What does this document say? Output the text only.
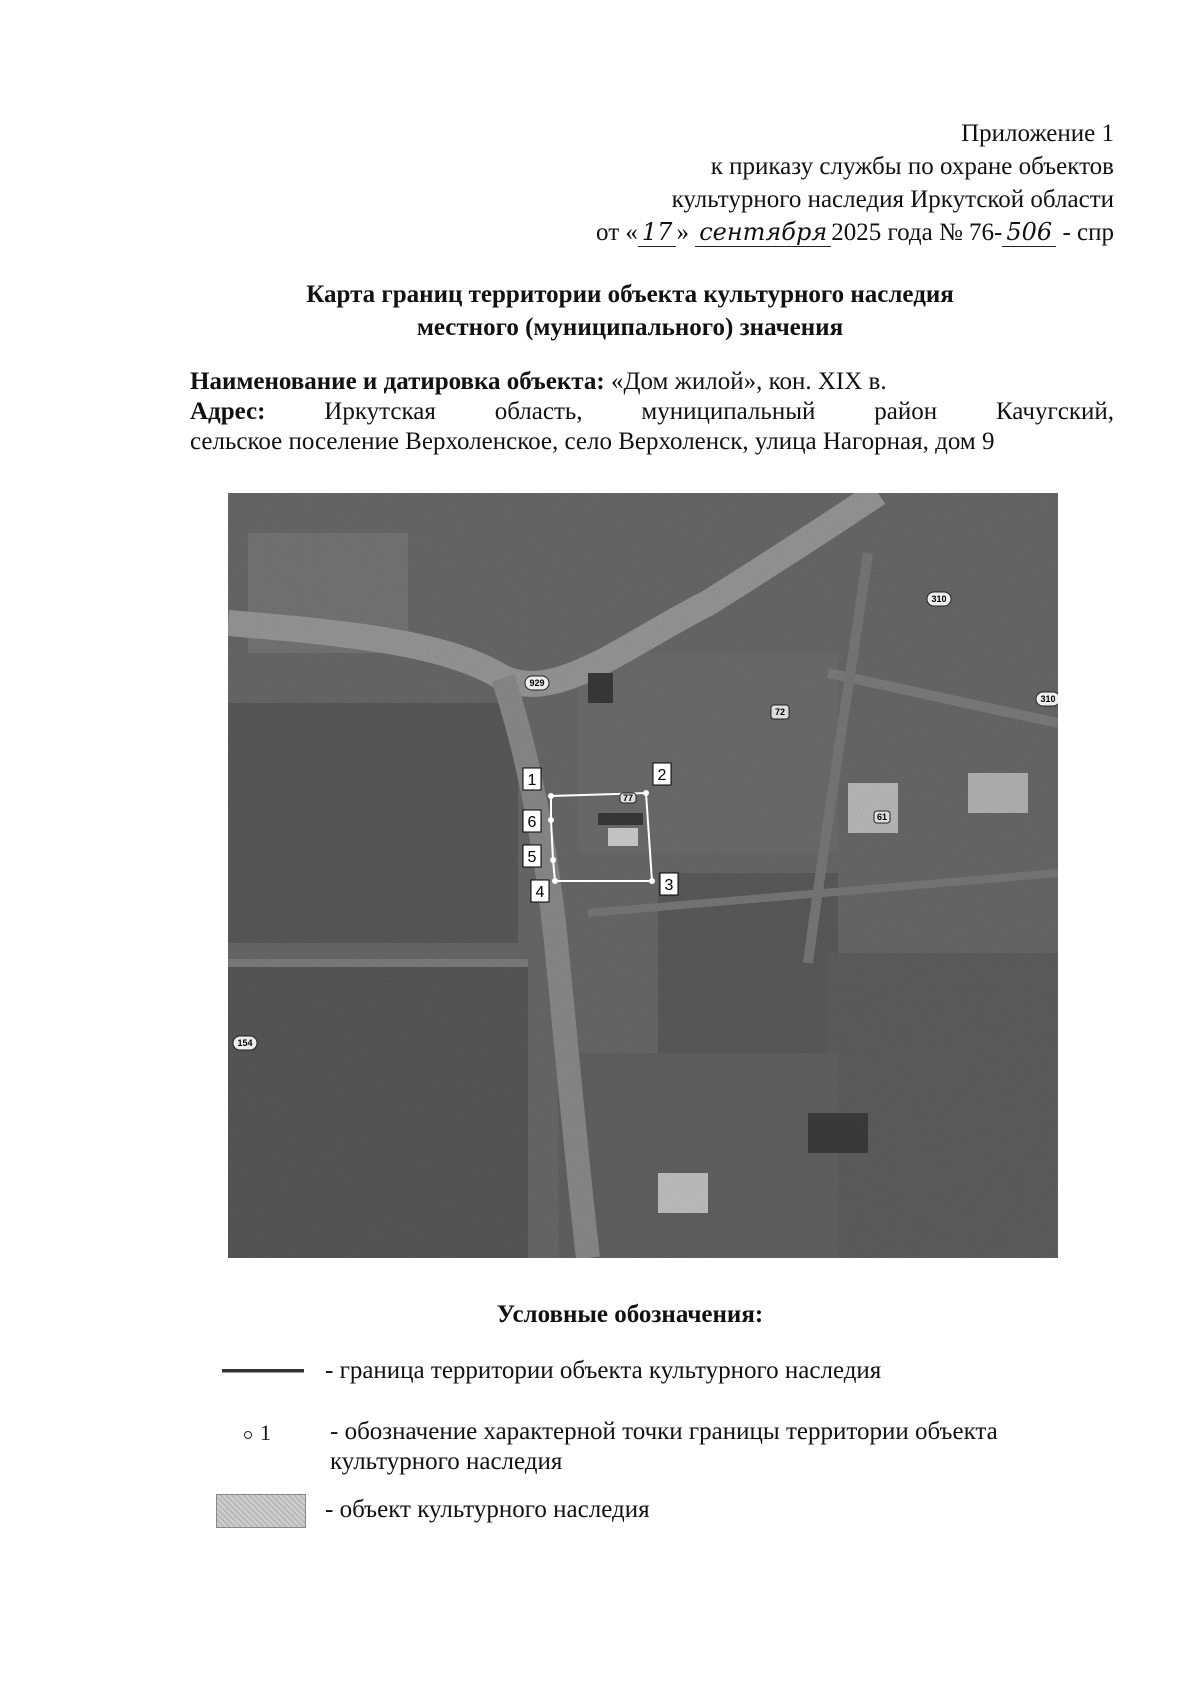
Приложение 1
к приказу службы по охране объектов
культурного наследия Иркутской области
от « 17 » сентября 2025 года № 76- 506 - спр
Карта границ территории объекта культурного наследия
местного (муниципального) значения
Наименование и датировка объекта: «Дом жилой», кон. XIX в.
Адрес: Иркутская область, муниципальный район Качугский,
сельское поселение Верхоленское, село Верхоленск, улица Нагорная, дом 9
1	2
3
4
5
6
310
310
72
77
61
154
929
Условные обозначения:
- граница территории объекта культурного наследия
1 - обозначение характерной точки границы территории объекта
культурного наследия
- объект культурного наследия
